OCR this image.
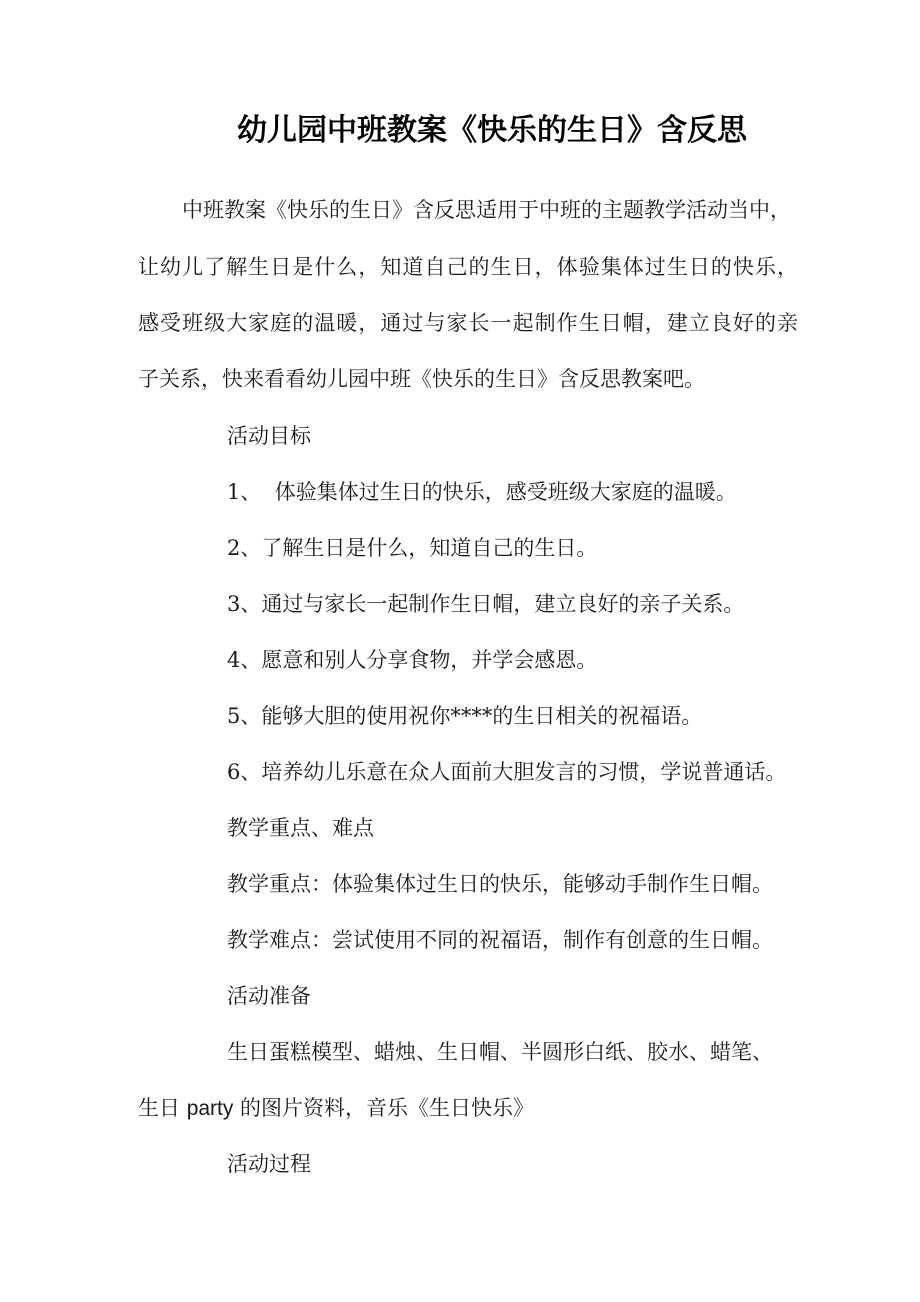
幼儿园中班教案《快乐的生日》含反思
中班教案《快乐的生日》含反思适用于中班的主题教学活动当中，
让幼儿了解生日是什么，知道自己的生日，体验集体过生日的快乐，
感受班级大家庭的温暖，通过与家长一起制作生日帽，建立良好的亲
子关系，快来看看幼儿园中班《快乐的生日》含反思教案吧。
活动目标
1、  体验集体过生日的快乐，感受班级大家庭的温暖。
2、了解生日是什么，知道自己的生日。
3、通过与家长一起制作生日帽，建立良好的亲子关系。
4、愿意和别人分享食物，并学会感恩。
5、能够大胆的使用祝你****的生日相关的祝福语。
6、培养幼儿乐意在众人面前大胆发言的习惯，学说普通话。
教学重点、难点
教学重点：体验集体过生日的快乐，能够动手制作生日帽。
教学难点：尝试使用不同的祝福语，制作有创意的生日帽。
活动准备
生日蛋糕模型、蜡烛、生日帽、半圆形白纸、胶水、蜡笔、
生日 party 的图片资料，音乐《生日快乐》
活动过程
